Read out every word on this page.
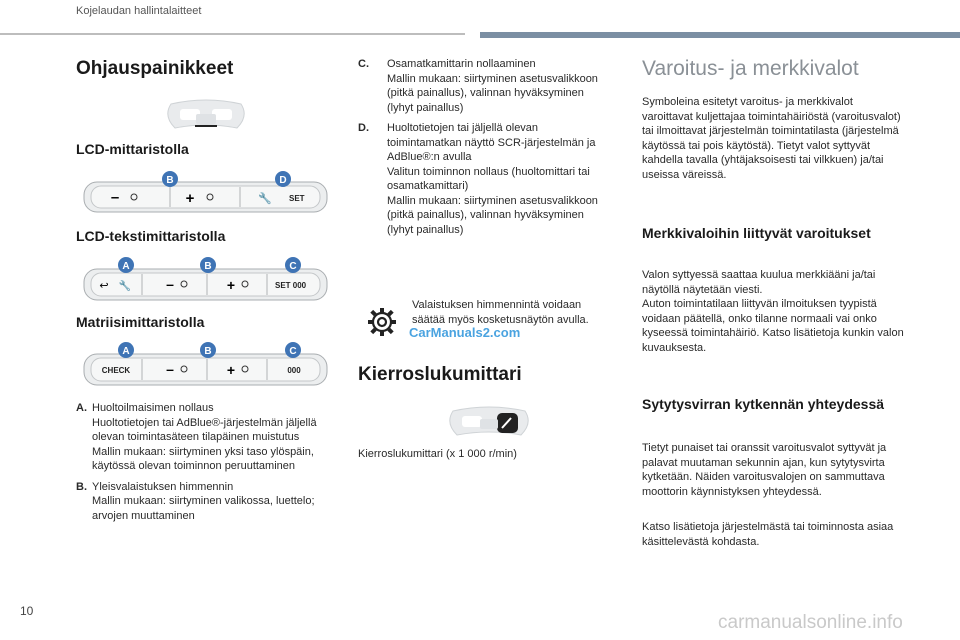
Kojelaudan hallintalaitteet
Ohjauspainikkeet
LCD-mittaristolla
–	+	🔧 SET
B	D
LCD-tekstimittaristolla
↩ 🔧 –	+	SET 000
A	B	C
Matriisimittaristolla
CHECK	–	+	000
A	B	C
A. Huoltoilmaisimen nollaus
Huoltotietojen tai AdBlue®-järjestelmän jäljellä olevan toimintasäteen tilapäinen muistutus
Mallin mukaan: siirtyminen yksi taso ylöspäin, käytössä olevan toiminnon peruuttaminen
B. Yleisvalaistuksen himmennin
Mallin mukaan: siirtyminen valikossa, luettelo; arvojen muuttaminen
C.	Osamatkamittarin nollaaminen
Mallin mukaan: siirtyminen asetusvalikkoon (pitkä painallus), valinnan hyväksyminen (lyhyt painallus)
D.	Huoltotietojen tai jäljellä olevan toimintamatkan näyttö SCR-järjestelmän ja AdBlue®:n avulla
Valitun toiminnon nollaus (huoltomittari tai osamatkamittari)
Mallin mukaan: siirtyminen asetusvalikkoon (pitkä painallus), valinnan hyväksyminen (lyhyt painallus)
Valaistuksen himmennintä voidaan säätää myös kosketusnäytön avulla.
CarManuals2.com
Kierroslukumittari
Kierroslukumittari (x 1 000 r/min)
Varoitus- ja merkkivalot
Symboleina esitetyt varoitus- ja merkkivalot varoittavat kuljettajaa toimintahäiriöstä (varoitusvalot) tai ilmoittavat järjestelmän toimintatilasta (järjestelmä käytössä tai pois käytöstä). Tietyt valot syttyvät kahdella tavalla (yhtäjaksoisesti tai vilkkuen) ja/tai useissa väreissä.
Merkkivaloihin liittyvät varoitukset
Valon syttyessä saattaa kuulua merkkiääni ja/tai näytöllä näytetään viesti.
Auton toimintatilaan liittyvän ilmoituksen tyypistä voidaan päätellä, onko tilanne normaali vai onko kyseessä toimintahäiriö. Katso lisätietoja kunkin valon kuvauksesta.
Sytytysvirran kytkennän yhteydessä
Tietyt punaiset tai oranssit varoitusvalot syttyvät ja palavat muutaman sekunnin ajan, kun sytytysvirta kytketään. Näiden varoitusvalojen on sammuttava moottorin käynnistyksen yhteydessä.
Katso lisätietoja järjestelmästä tai toiminnosta asiaa käsittelevästä kohdasta.
10
carmanualsonline.info
